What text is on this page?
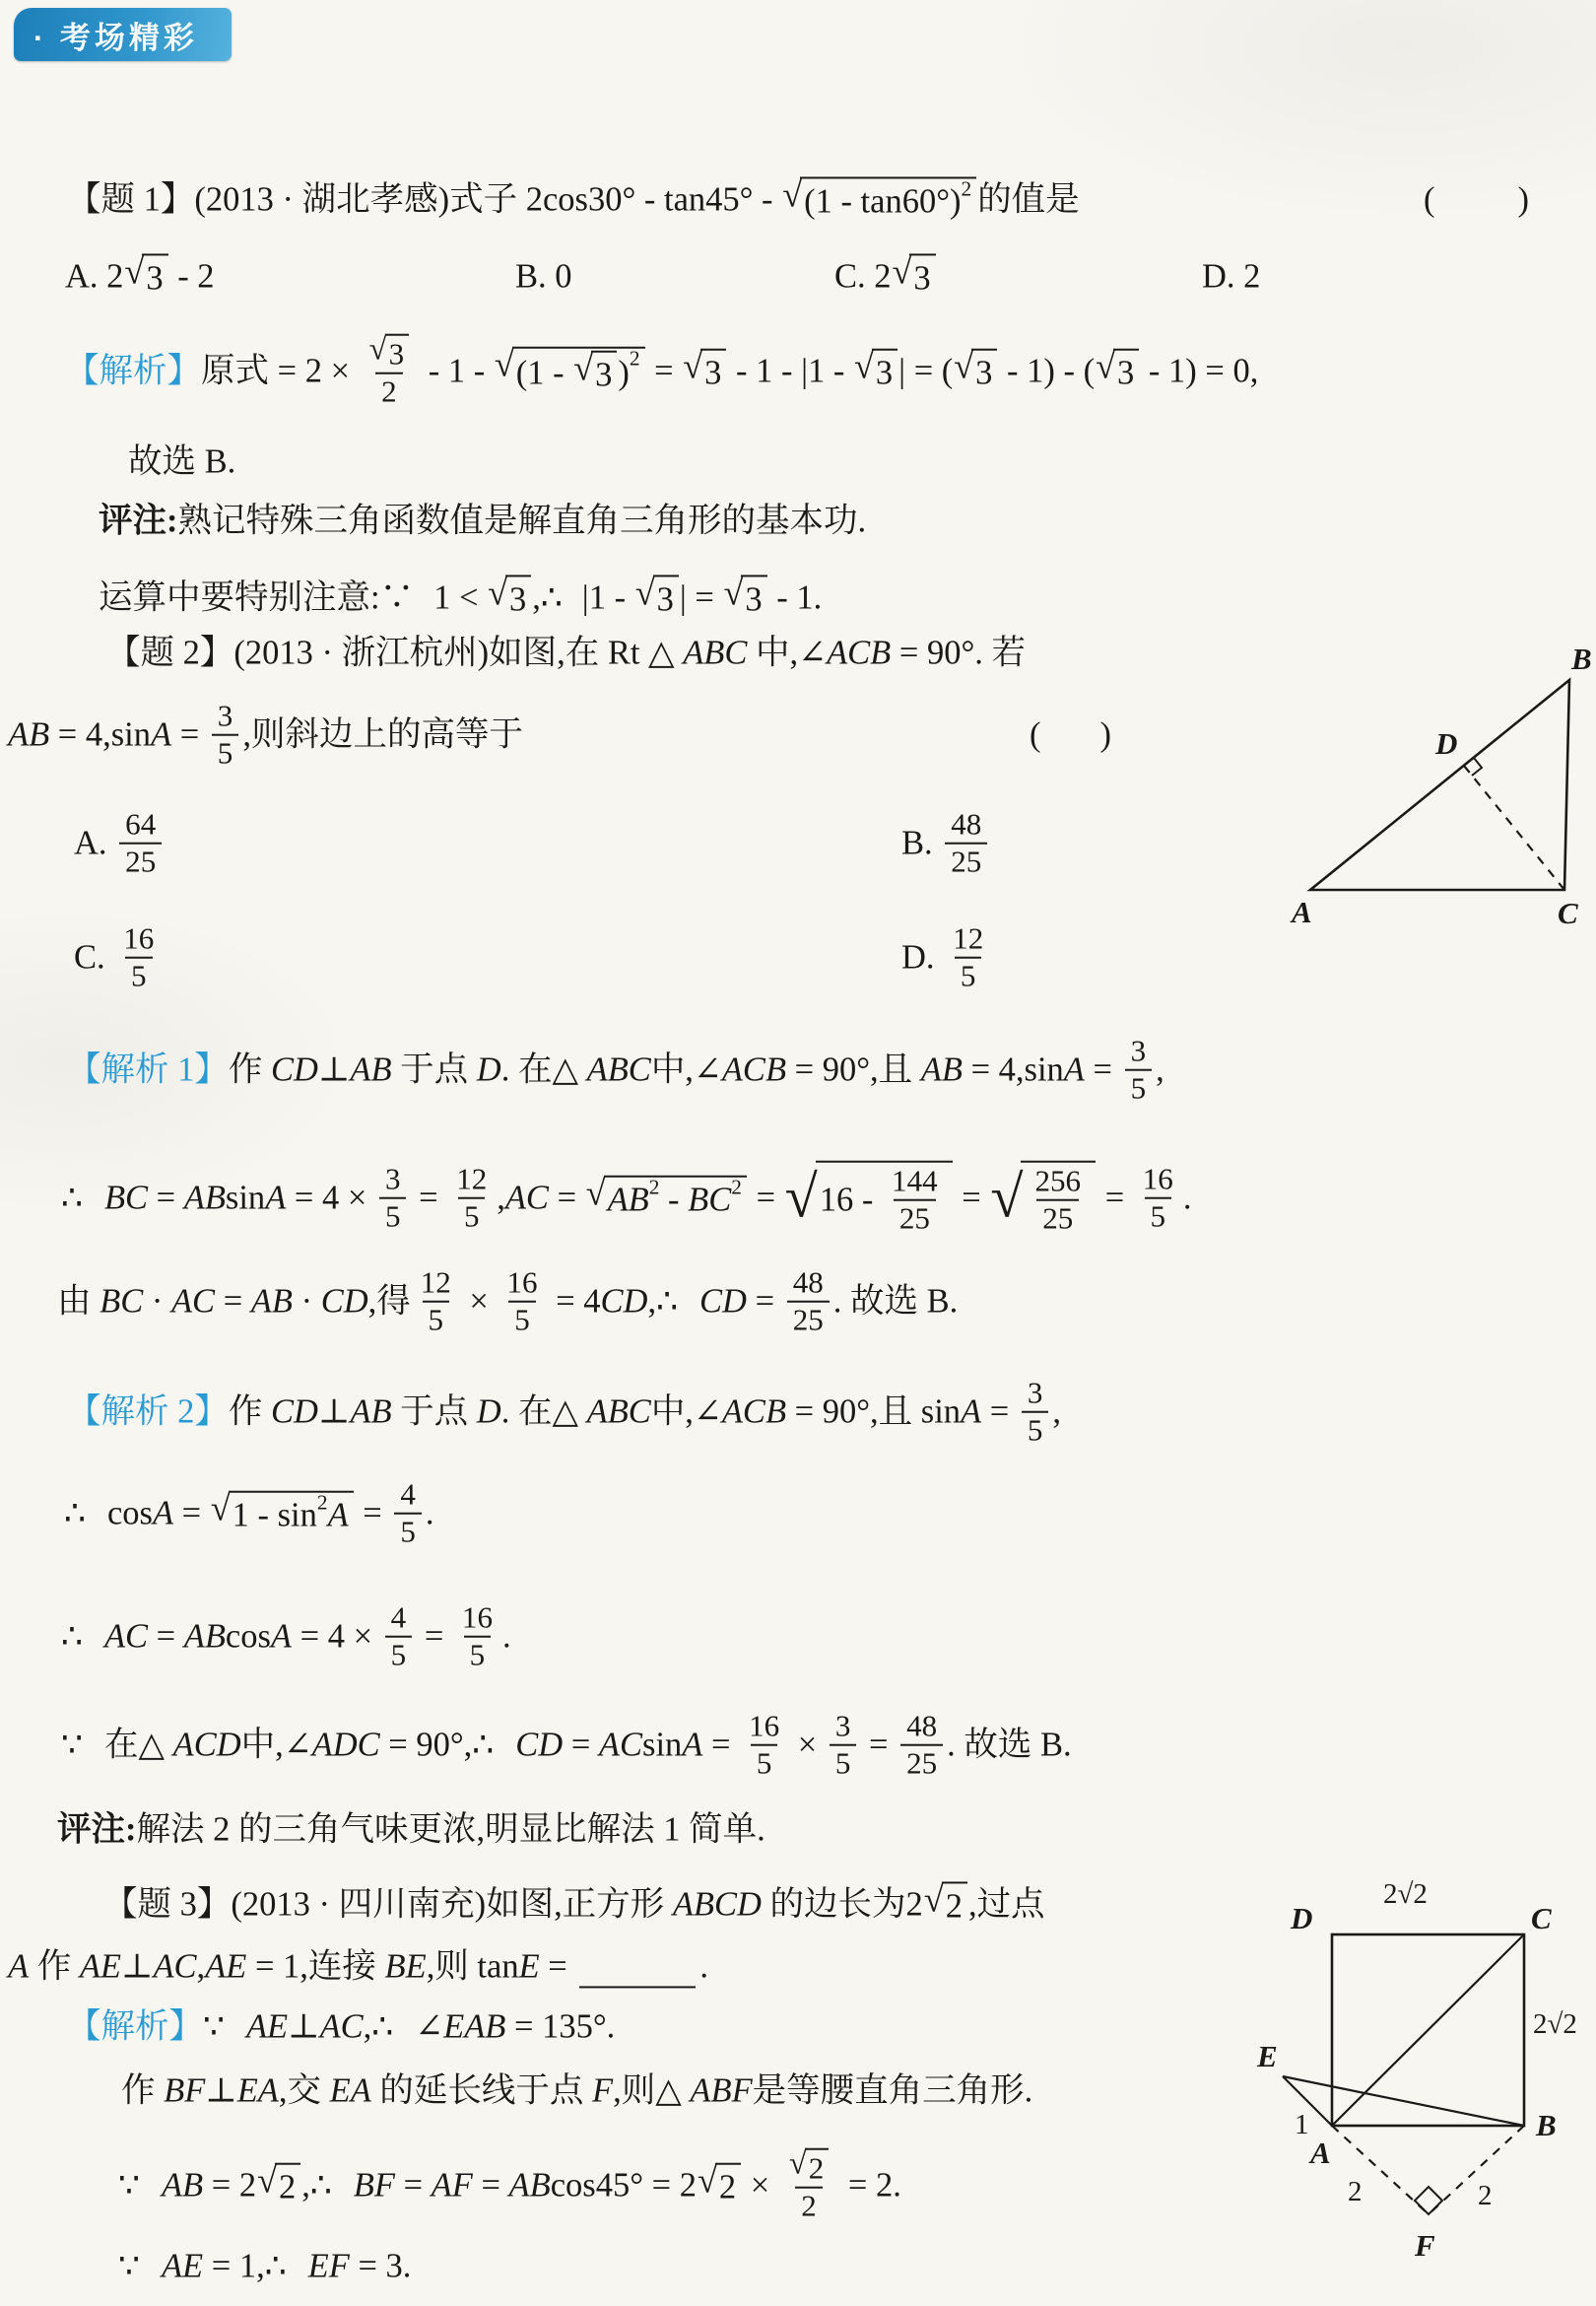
· 考场精彩
【题 1】(2013 · 湖北孝感)式子 2cos30° - tan45° - √ (1 - tan60°) 2 的值是	( )
A. 2 √ 3 - 2	B. 0	C. 2 √ 3	D. 2
【解析】 原式 = $2 \times \frac{√ 3}{2} - 1$ - √ (1 - √ 3 )$^2$ = √ 3 - 1 - |1 - √ 3 | = ( √ 3 - 1) - ( √ 3 - 1) = 0,
故选 B.
评注: 熟记特殊三角函数值是解直角三角形的基本功.
运算中要特别注意:∵ 1 < √ 3 ,∴ |1 - √ 3 | = √ 3 - 1.
【题 2】(2013 · 浙江杭州)如图,在 Rt △ ABC 中,∠ ACB = 90°. 若
AB = 4,sin $A = \frac{3}{5}$ ,则斜边上的高等于	( )
A. $\frac{64}{25}$	B. $\frac{48}{25}$
C. $\frac{16}{5}$	D. $\frac{12}{5}$
【解析 1】 作 CD ⊥ AB 于点 D . 在△ ABC 中,∠ ACB = 90°,且 AB = 4,sin $A = \frac{3}{5}$ ,
∴ BC = AB $\sin A = 4 \times \frac{3}{5} = \frac{12}{5}$ , AC = √ $AB^2 - BC^2$ = √ $16 - \frac{144}{25}$ = √ $\frac{256}{25} = \frac{16}{5}$ .
由 BC · AC = AB · CD ,得 $\frac{12}{5} \times \frac{16}{5} = 4$ CD ,∴ CD = $\frac{48}{25}$ . 故选 B.
【解析 2】 作 CD ⊥ AB 于点 D . 在△ ABC 中,∠ ACB = 90°,且 $\sin A = \frac{3}{5}$ ,
∴ cos A = √ 1 - sin 2 $A = \frac{4}{5}$ .
∴ AC = AB $\cos A = 4 \times \frac{4}{5} = \frac{16}{5}$ .
∵ 在△ ACD 中,∠ ADC = 90°,∴ CD = AC $\sin A = \frac{16}{5} \times \frac{3}{5} = \frac{48}{25}$ . 故选 B.
评注: 解法 2 的三角气味更浓,明显比解法 1 简单.
A
B
C
D
【题 3】(2013 · 四川南充)如图,正方形 ABCD 的边长为2 √ 2 ,过点
A 作 AE ⊥ AC , AE = 1,连接 BE ,则 tan E =	.
【解析】 ∵ AE ⊥ AC ,∴ ∠ EAB = 135°.
作 BF ⊥ EA ,交 EA 的延长线于点 F ,则△ ABF 是等腰直角三角形.
∵ AB = 2 √ 2 ,∴ BF = AF = AB cos45° = 2 √ $2 \times \frac{√ 2}{2} = 2$.
∵ AE = 1,∴ EF = 3.
D	C
E
A
B
F
2√2
2√2
1
2	2
